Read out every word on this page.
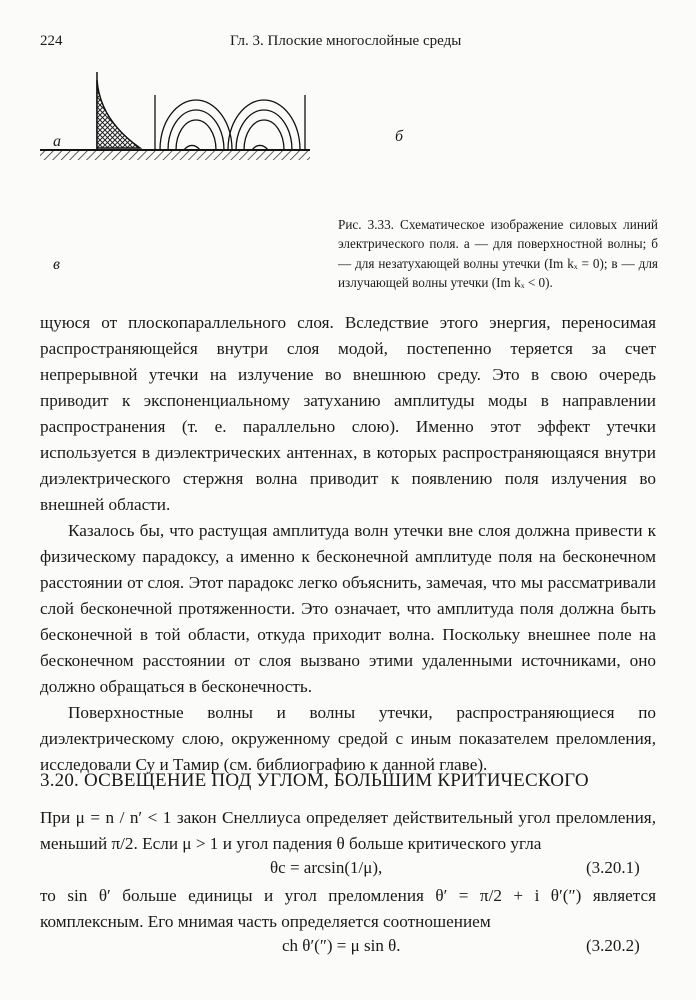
224	Гл. 3. Плоские многослойные среды
а	б
в
Рис. 3.33. Схематическое изображение силовых линий электрического поля. а — для поверхностной волны; б — для незатухающей волны утечки (Im kₓ = 0); в — для излучающей волны утечки (Im kₓ < 0).

щуюся от плоскопараллельного слоя. Вследствие этого энергия, переносимая распространяющейся внутри слоя модой, постепенно теряется за счет непрерывной утечки на излучение во внешнюю среду. Это в свою очередь приводит к экспоненциальному затуханию амплитуды моды в направлении распространения (т. е. параллельно слою). Именно этот эффект утечки используется в диэлектрических антеннах, в которых распространяющаяся внутри диэлектрического стержня волна приводит к появлению поля излучения во внешней области.

Казалось бы, что растущая амплитуда волн утечки вне слоя должна привести к физическому парадоксу, а именно к бесконечной амплитуде поля на бесконечном расстоянии от слоя. Этот парадокс легко объяснить, замечая, что мы рассматривали слой бесконечной протяженности. Это означает, что амплитуда поля должна быть бесконечной в той области, откуда приходит волна. Поскольку внешнее поле на бесконечном расстоянии от слоя вызвано этими удаленными источниками, оно должно обращаться в бесконечность.

Поверхностные волны и волны утечки, распространяющиеся по диэлектрическому слою, окруженному средой с иным показателем преломления, исследовали Су и Тамир (см. библиографию к данной главе).

3.20. ОСВЕЩЕНИЕ ПОД УГЛОМ, БОЛЬШИМ КРИТИЧЕСКОГО
При μ = n / n′ < 1 закон Снеллиуса определяет действительный угол преломления, меньший π/2. Если μ > 1 и угол падения θ больше критического угла
θc = arcsin(1/μ),	(3.20.1)
то sin θ′ больше единицы и угол преломления θ′ = π/2 + i θ′(″) является комплексным. Его мнимая часть определяется соотношением
ch θ′(″) = μ sin θ.	(3.20.2)
